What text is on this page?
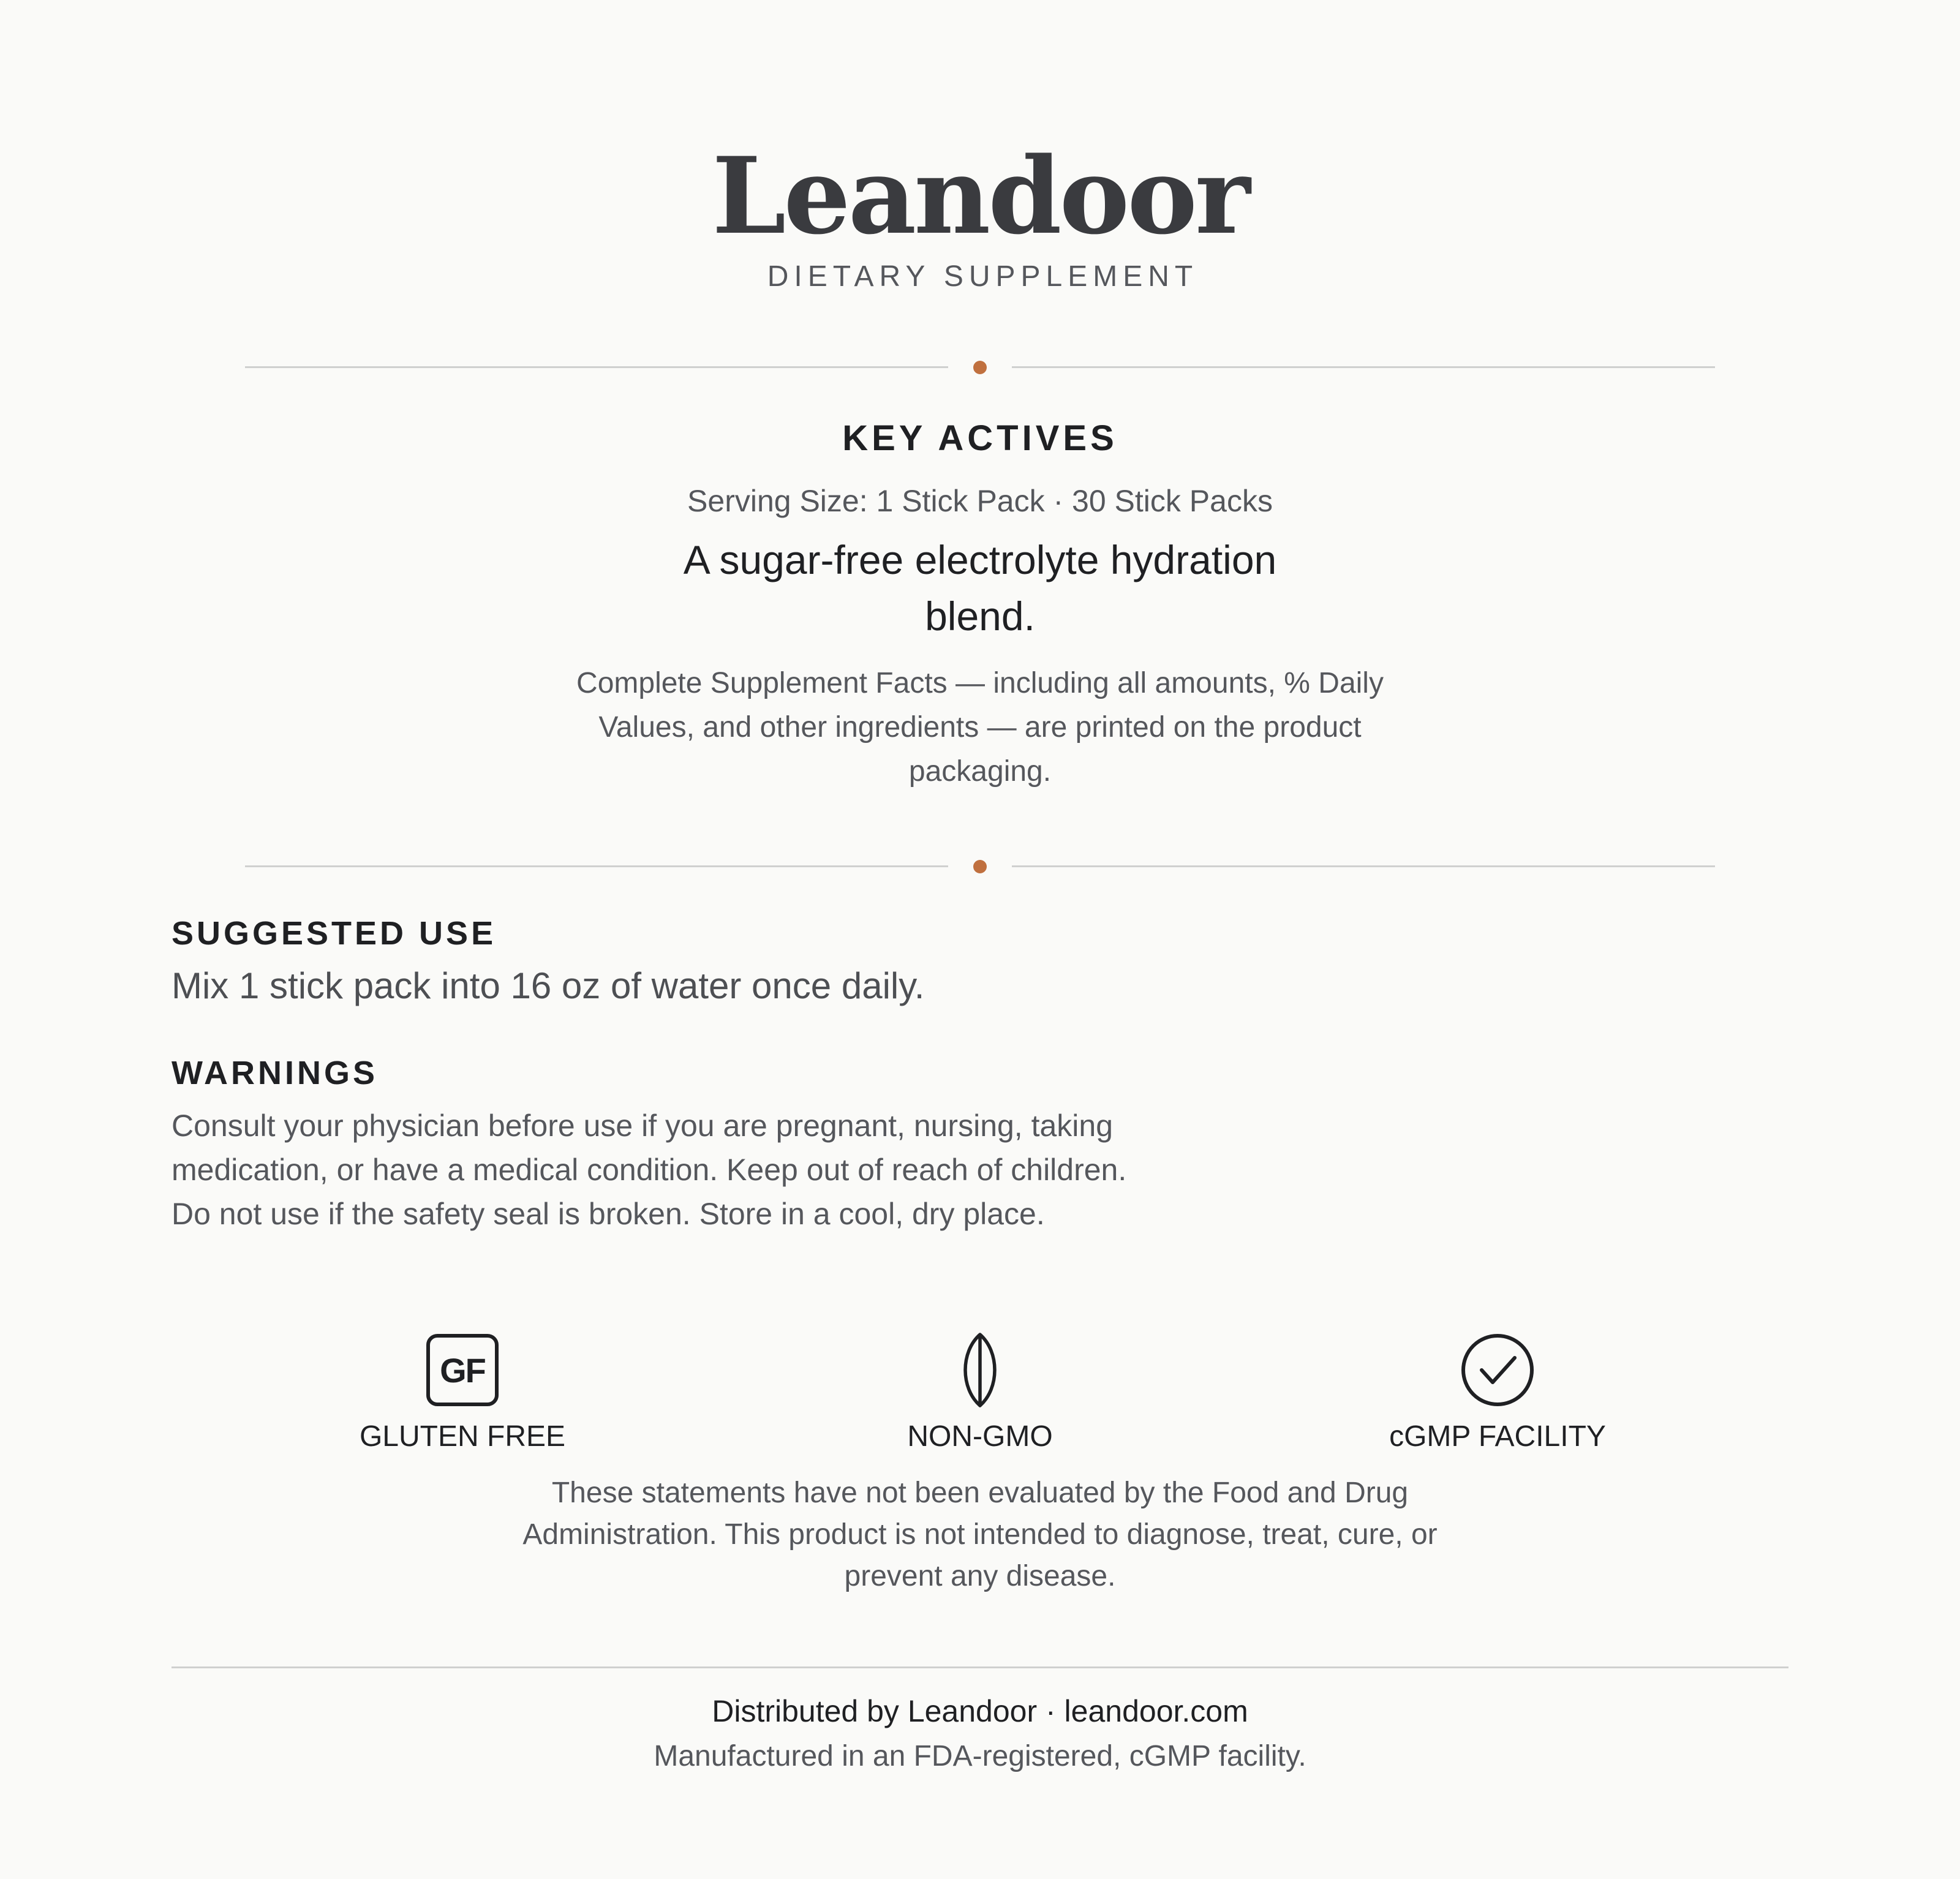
Leandoor
DIETARY SUPPLEMENT
KEY ACTIVES
Serving Size: 1 Stick Pack · 30 Stick Packs
A sugar-free electrolyte hydration blend.
Complete Supplement Facts — including all amounts, % Daily Values, and other ingredients — are printed on the product packaging.
SUGGESTED USE
Mix 1 stick pack into 16 oz of water once daily.
WARNINGS
Consult your physician before use if you are pregnant, nursing, taking medication, or have a medical condition. Keep out of reach of children. Do not use if the safety seal is broken. Store in a cool, dry place.
GF
GLUTEN FREE	NON-GMO	cGMP FACILITY

These statements have not been evaluated by the Food and Drug Administration. This product is not intended to diagnose, treat, cure, or prevent any disease.

Distributed by Leandoor · leandoor.com
Manufactured in an FDA-registered, cGMP facility.
